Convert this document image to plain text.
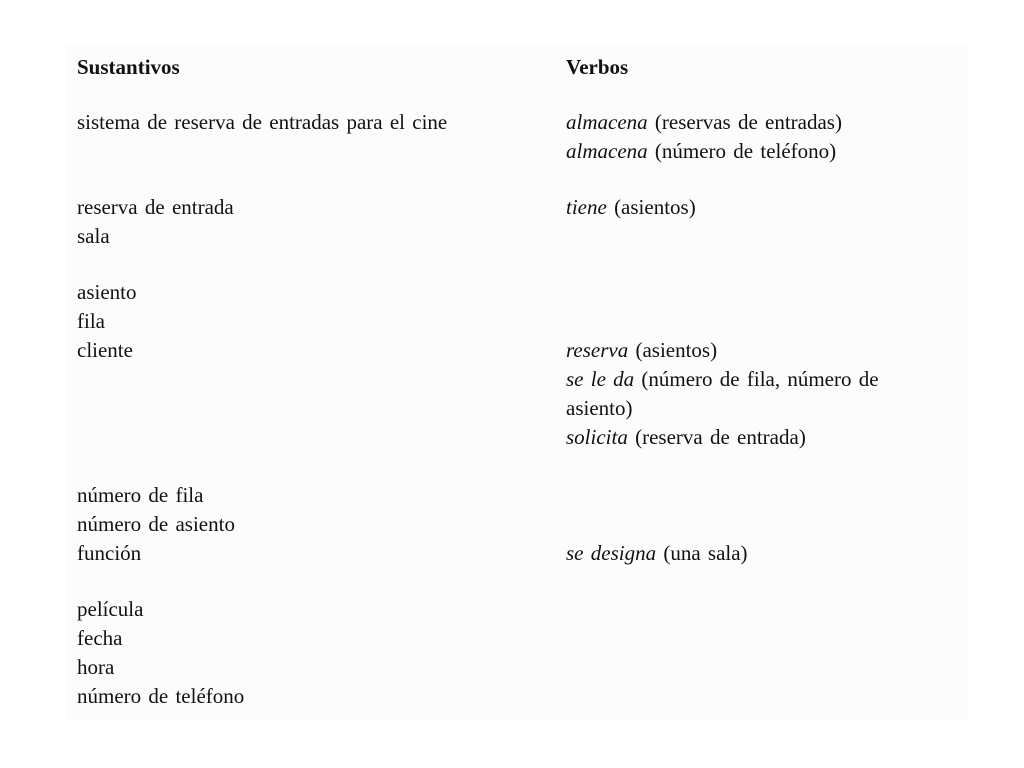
Sustantivos	Verbos
sistema de reserva de entradas para el cine
reserva de entrada
sala
asiento
fila
cliente
número de fila
número de asiento
función
película
fecha
hora
número de teléfono
almacena (reservas de entradas)
almacena (número de teléfono)
tiene (asientos)
reserva (asientos)
se le da (número de fila, número de
asiento)
solicita (reserva de entrada)
se designa (una sala)
